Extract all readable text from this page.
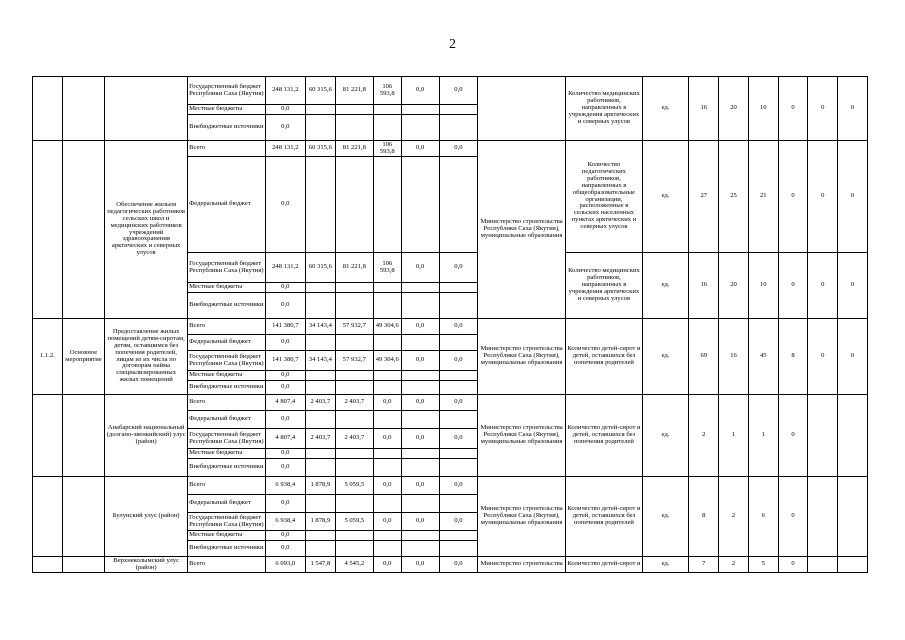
2
			Государственный бюджет Республики Саха (Якутия)	248 131,2	60 315,6	81 221,8	106 593,8	0,0	0,0		Количество медицинских работников, направленных в учреждения арктических и северных улусов	ед.	16	20	10	0	0	0
			Местные бюджеты	0,0														
			Внебюджетные источники	0,0														
		Обеспечение жильем педагогических работников сельских школ и медицинских работников учреждений здравоохранения арктических и северных улусов	Всего	248 131,2	60 315,6	81 221,8	106 593,8	0,0	0,0	Министерство строительства Республики Саха (Якутия), муниципальные образования	Количество педагогических работников, направленных в общеобразовательные организации, расположенные в сельских населенных пунктах арктических и северных улусов	ед.	27	25	21	0	0	0
			Федеральный бюджет	0,0														
			Государственный бюджет Республики Саха (Якутия)	248 131,2	60 315,6	81 221,8	106 593,8	0,0	0,0		Количество медицинских работников, направленных в учреждения арктических и северных улусов	ед.	16	20	10	0	0	0
			Местные бюджеты	0,0														
			Внебюджетные источники	0,0														
1.1.2.	Основное мероприятие	Предоставление жилых помещений детям-сиротам, детям, оставшимся без попечения родителей, лицам из их числа по договорам найма специализированных жилых помещений	Всего	141 380,7	34 143,4	57 932,7	49 304,6	0,0	0,0	Министерство строительства Республики Саха (Якутия), муниципальные образования	Количество детей-сирот и детей, оставшихся без попечения родителей	ед.	69	16	45	8	0	0
			Федеральный бюджет	0,0														
			Государственный бюджет Республики Саха (Якутия)	141 380,7	34 143,4	57 932,7	49 304,6	0,0	0,0									
			Местные бюджеты	0,0														
			Внебюджетные источники	0,0														
		Анабарский национальный (долгано-эвенкийский) улус (район)	Всего	4 807,4	2 403,7	2 403,7	0,0	0,0	0,0	Министерство строительства Республики Саха (Якутия), муниципальные образования	Количество детей-сирот и детей, оставшихся без попечения родителей	ед.	2	1	1	0		
			Федеральный бюджет	0,0														
			Государственный бюджет Республики Саха (Якутия)	4 807,4	2 403,7	2 403,7	0,0	0,0	0,0									
			Местные бюджеты	0,0														
			Внебюджетные источники	0,0														
		Булунский улус (район)	Всего	6 938,4	1 878,9	5 059,5	0,0	0,0	0,0	Министерство строительства Республики Саха (Якутия), муниципальные образования	Количество детей-сирот и детей, оставшихся без попечения родителей	ед.	8	2	6	0		
			Федеральный бюджет	0,0														
			Государственный бюджет Республики Саха (Якутия)	6 938,4	1 878,9	5 059,5	0,0	0,0	0,0									
			Местные бюджеты	0,0														
			Внебюджетные источники	0,0														
		Верхнеколымский улус (район)	Всего	6 093,0	1 547,8	4 545,2	0,0	0,0	0,0	Министерство строительства	Количество детей-сирот и	ед.	7	2	5	0		
